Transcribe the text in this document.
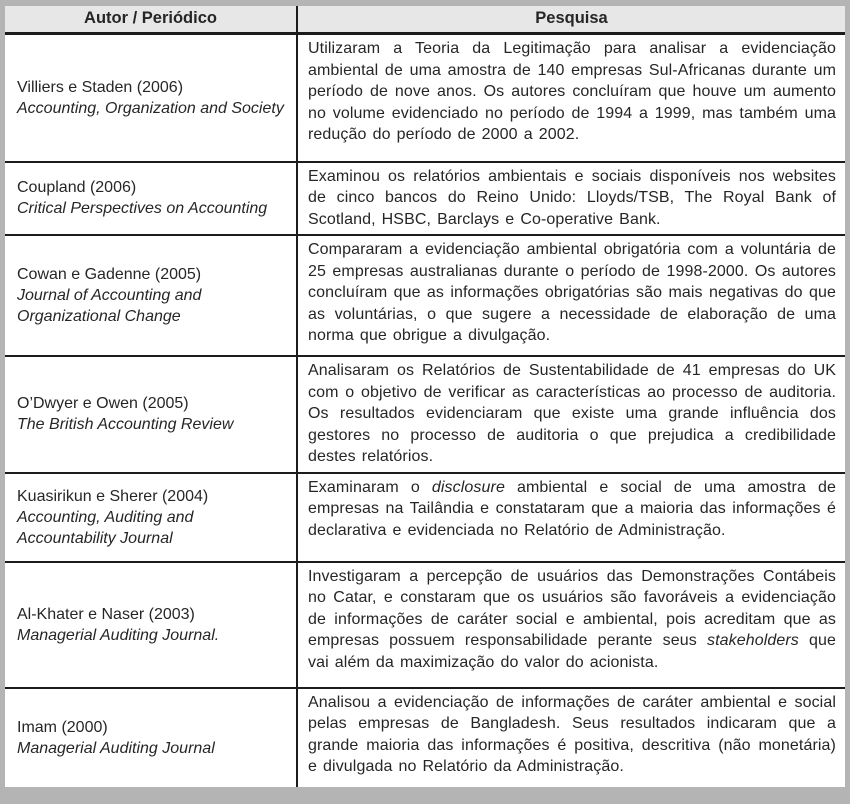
Autor / Periódico	Pesquisa

Villiers e Staden (2006)
Accounting, Organization and Society	Utilizaram a Teoria da Legitimação para analisar a evidenciação ambiental de uma amostra de 140 empresas Sul-Africanas durante um período de nove anos. Os autores concluíram que houve um aumento no volume evidenciado no período de 1994 a 1999, mas também uma redução do período de 2000 a 2002.

Coupland (2006)
Critical Perspectives on Accounting	Examinou os relatórios ambientais e sociais disponíveis nos websites de cinco bancos do Reino Unido: Lloyds/TSB, The Royal Bank of Scotland, HSBC, Barclays e Co-operative Bank.

Cowan e Gadenne (2005)
Journal of Accounting and Organizational Change	Compararam a evidenciação ambiental obrigatória com a voluntária de 25 empresas australianas durante o período de 1998-2000. Os autores concluíram que as informações obrigatórias são mais negativas do que as voluntárias, o que sugere a necessidade de elaboração de uma norma que obrigue a divulgação.

O’Dwyer e Owen (2005)
The British Accounting Review	Analisaram os Relatórios de Sustentabilidade de 41 empresas do UK com o objetivo de verificar as características ao processo de auditoria. Os resultados evidenciaram que existe uma grande influência dos gestores no processo de auditoria o que prejudica a credibilidade destes relatórios.

Kuasirikun e Sherer (2004)
Accounting, Auditing and Accountability Journal	Examinaram o disclosure ambiental e social de uma amostra de empresas na Tailândia e constataram que a maioria das informações é declarativa e evidenciada no Relatório de Administração.

Al-Khater e Naser (2003)
Managerial Auditing Journal.	Investigaram a percepção de usuários das Demonstrações Contábeis no Catar, e constaram que os usuários são favoráveis a evidenciação de informações de caráter social e ambiental, pois acreditam que as empresas possuem responsabilidade perante seus stakeholders que vai além da maximização do valor do acionista.

Imam (2000)
Managerial Auditing Journal	Analisou a evidenciação de informações de caráter ambiental e social pelas empresas de Bangladesh. Seus resultados indicaram que a grande maioria das informações é positiva, descritiva (não monetária) e divulgada no Relatório da Administração.
